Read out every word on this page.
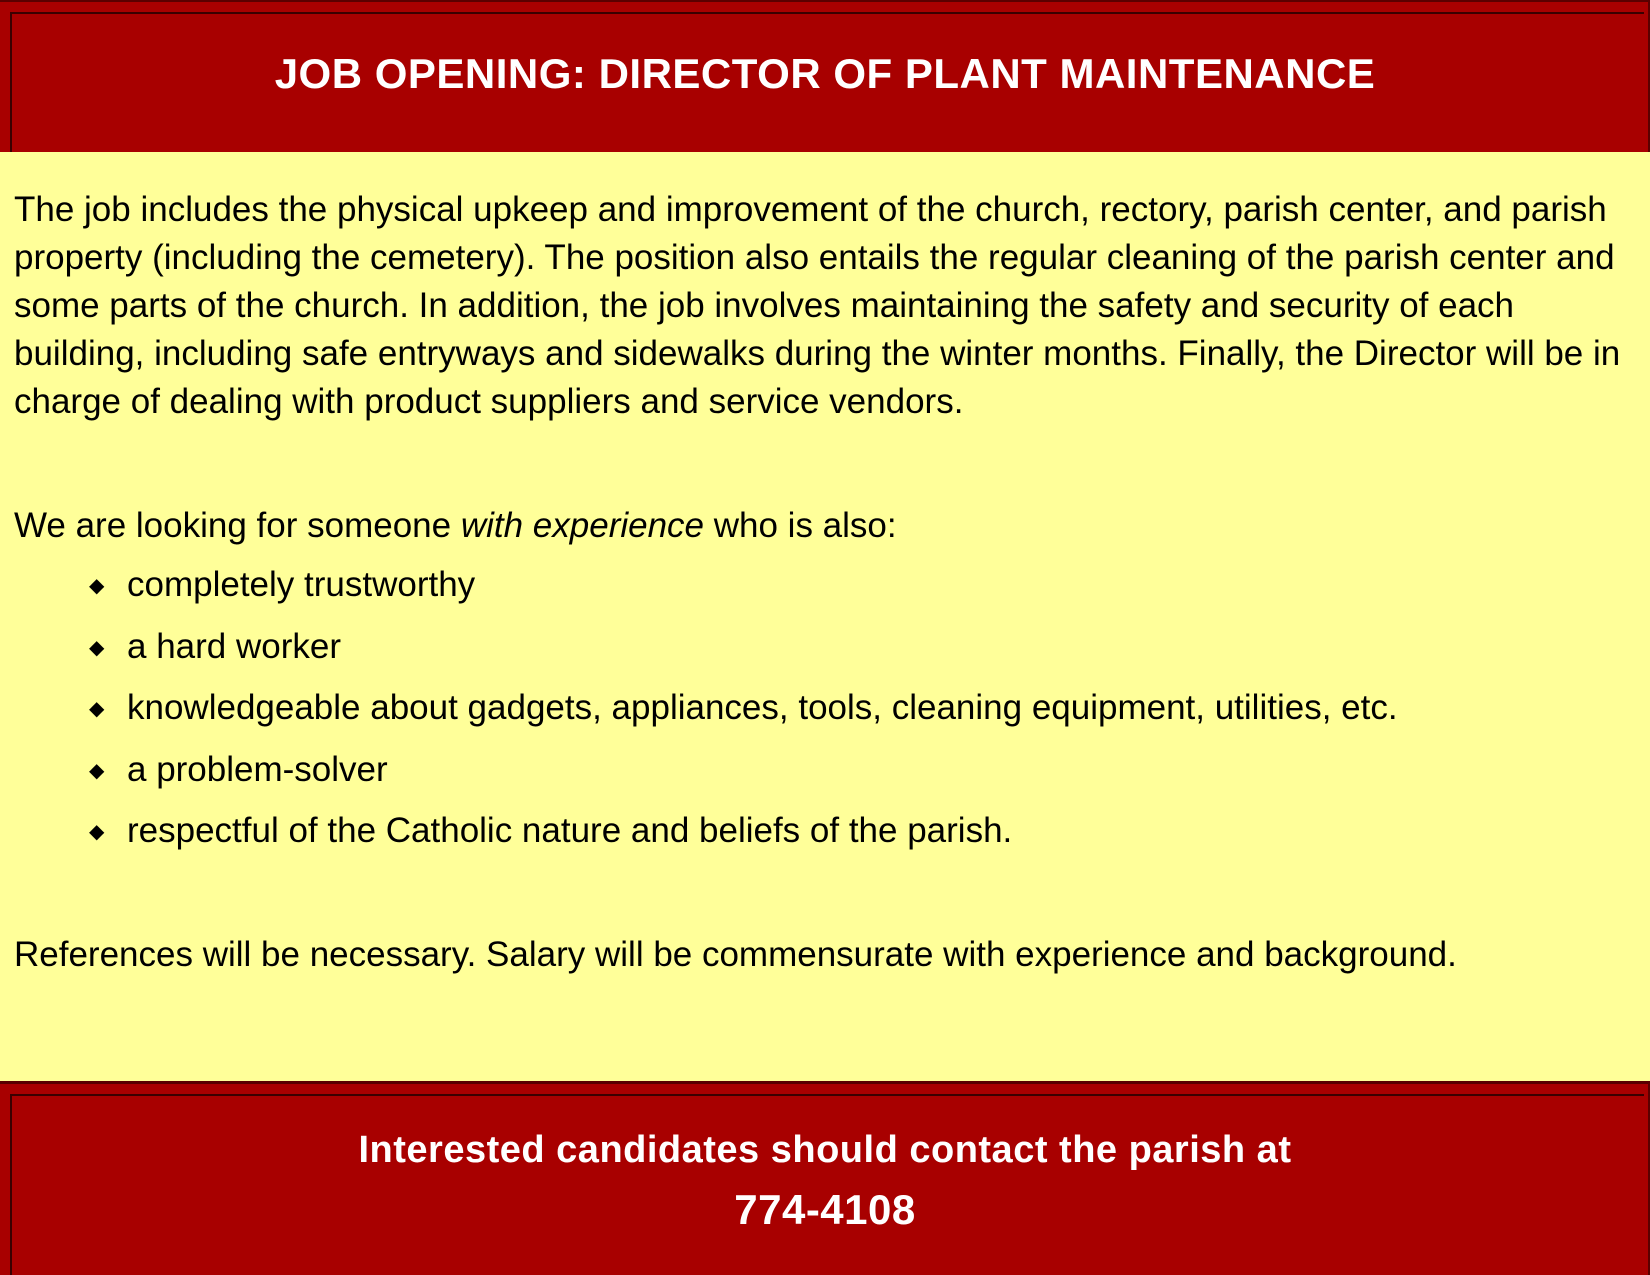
JOB OPENING: DIRECTOR OF PLANT MAINTENANCE
The job includes the physical upkeep and improvement of the church, rectory, parish center, and parish property (including the cemetery). The position also entails the regular cleaning of the parish center and some parts of the church. In addition, the job involves maintaining the safety and security of each building, including safe entryways and sidewalks during the winter months. Finally, the Director will be in charge of dealing with product suppliers and service vendors.
We are looking for someone with experience who is also:
◆ completely trustworthy
◆ a hard worker
◆ knowledgeable about gadgets, appliances, tools, cleaning equipment, utilities, etc.
◆ a problem-solver
◆ respectful of the Catholic nature and beliefs of the parish.
References will be necessary. Salary will be commensurate with experience and background.
Interested candidates should contact the parish at
774-4108
